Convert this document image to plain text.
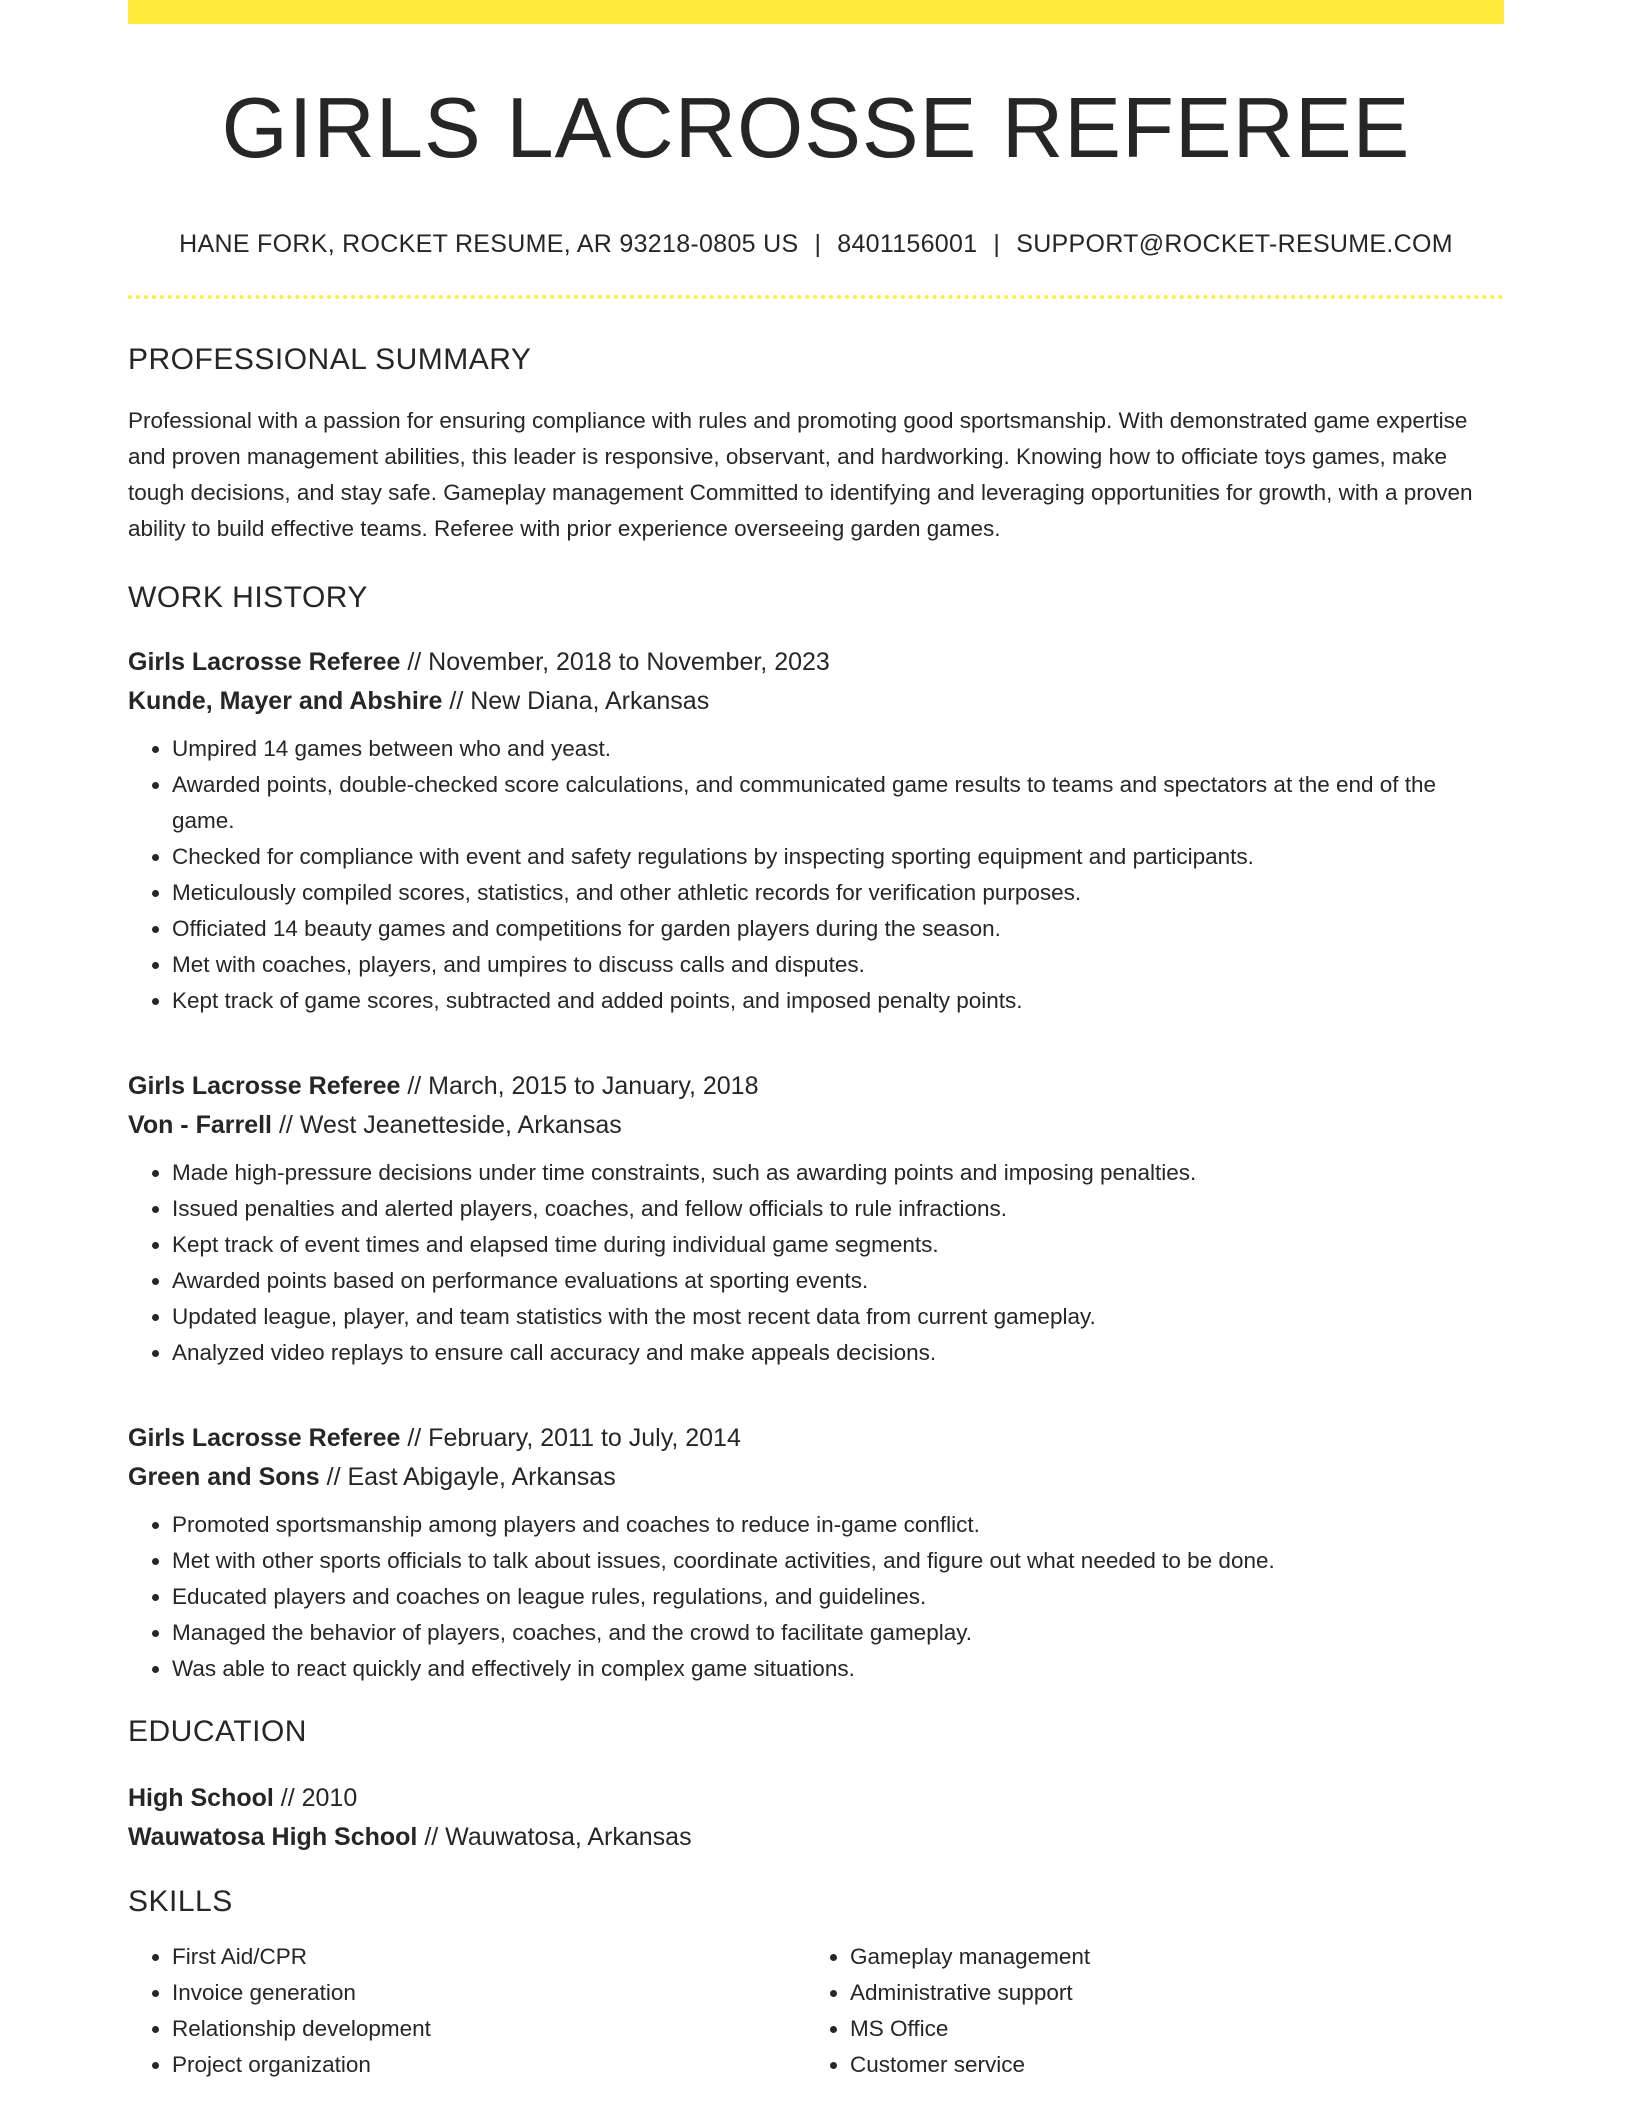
GIRLS LACROSSE REFEREE
HANE FORK, ROCKET RESUME, AR 93218-0805 US | 8401156001 | SUPPORT@ROCKET-RESUME.COM
PROFESSIONAL SUMMARY
Professional with a passion for ensuring compliance with rules and promoting good sportsmanship. With demonstrated game expertise and proven management abilities, this leader is responsive, observant, and hardworking. Knowing how to officiate toys games, make tough decisions, and stay safe. Gameplay management Committed to identifying and leveraging opportunities for growth, with a proven ability to build effective teams. Referee with prior experience overseeing garden games.
WORK HISTORY
Girls Lacrosse Referee // November, 2018 to November, 2023
Kunde, Mayer and Abshire // New Diana, Arkansas
• Umpired 14 games between who and yeast.
• Awarded points, double-checked score calculations, and communicated game results to teams and spectators at the end of the game.
• Checked for compliance with event and safety regulations by inspecting sporting equipment and participants.
• Meticulously compiled scores, statistics, and other athletic records for verification purposes.
• Officiated 14 beauty games and competitions for garden players during the season.
• Met with coaches, players, and umpires to discuss calls and disputes.
• Kept track of game scores, subtracted and added points, and imposed penalty points.
Girls Lacrosse Referee // March, 2015 to January, 2018
Von - Farrell // West Jeanetteside, Arkansas
• Made high-pressure decisions under time constraints, such as awarding points and imposing penalties.
• Issued penalties and alerted players, coaches, and fellow officials to rule infractions.
• Kept track of event times and elapsed time during individual game segments.
• Awarded points based on performance evaluations at sporting events.
• Updated league, player, and team statistics with the most recent data from current gameplay.
• Analyzed video replays to ensure call accuracy and make appeals decisions.
Girls Lacrosse Referee // February, 2011 to July, 2014
Green and Sons // East Abigayle, Arkansas
• Promoted sportsmanship among players and coaches to reduce in-game conflict.
• Met with other sports officials to talk about issues, coordinate activities, and figure out what needed to be done.
• Educated players and coaches on league rules, regulations, and guidelines.
• Managed the behavior of players, coaches, and the crowd to facilitate gameplay.
• Was able to react quickly and effectively in complex game situations.
EDUCATION
High School // 2010
Wauwatosa High School // Wauwatosa, Arkansas
SKILLS
• First Aid/CPR
• Invoice generation
• Relationship development
• Project organization
• Gameplay management
• Administrative support
• MS Office
• Customer service
